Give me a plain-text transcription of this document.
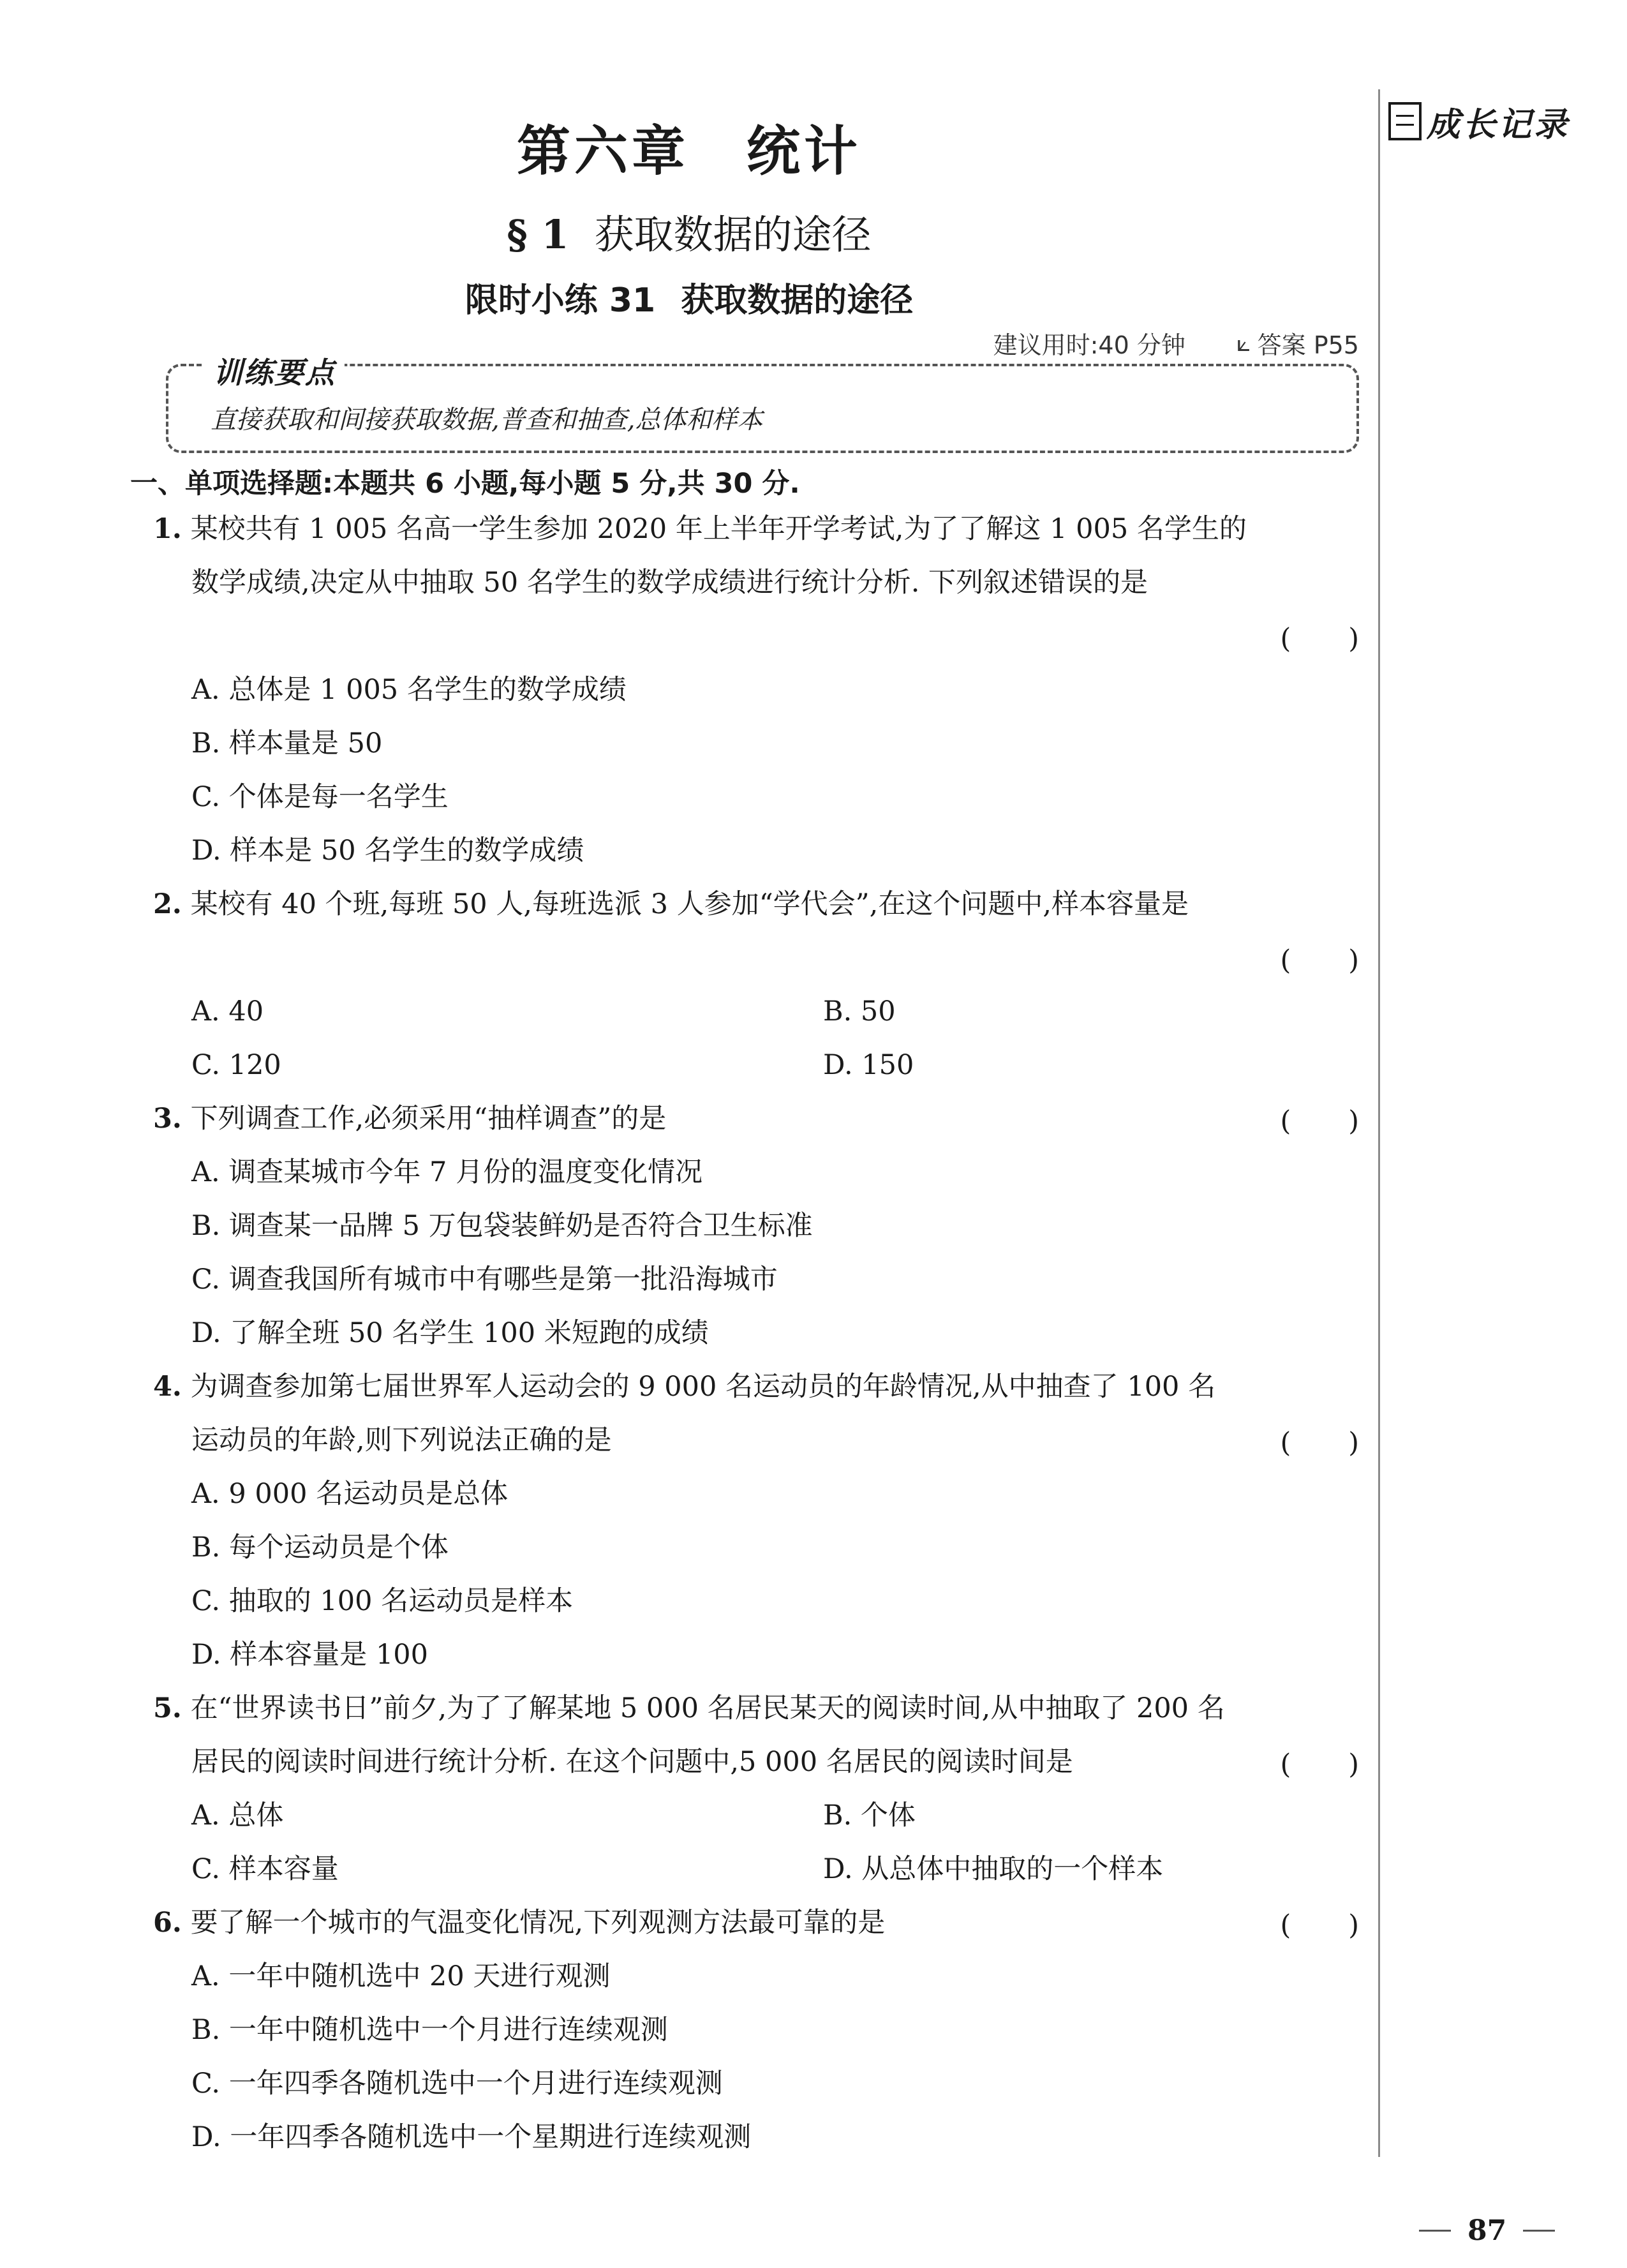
成长记录
第六章 统计
§ 1 获取数据的途径
限时小练 31 获取数据的途径
建议用时:40 分钟 ⟀ 答案 P55
训练要点
直接获取和间接获取数据,普查和抽查,总体和样本
一、单项选择题:本题共 6 小题,每小题 5 分,共 30 分.
1. 某校共有 1 005 名高一学生参加 2020 年上半年开学考试,为了了解这 1 005 名学生的
数学成绩,决定从中抽取 50 名学生的数学成绩进行统计分析. 下列叙述错误的是
( )
A. 总体是 1 005 名学生的数学成绩
B. 样本量是 50
C. 个体是每一名学生
D. 样本是 50 名学生的数学成绩
2. 某校有 40 个班,每班 50 人,每班选派 3 人参加“学代会”,在这个问题中,样本容量是
( )
A. 40	B. 50
C. 120	D. 150
3. 下列调查工作,必须采用“抽样调查”的是	( )
A. 调查某城市今年 7 月份的温度变化情况
B. 调查某一品牌 5 万包袋装鲜奶是否符合卫生标准
C. 调查我国所有城市中有哪些是第一批沿海城市
D. 了解全班 50 名学生 100 米短跑的成绩
4. 为调查参加第七届世界军人运动会的 9 000 名运动员的年龄情况,从中抽查了 100 名
运动员的年龄,则下列说法正确的是	( )
A. 9 000 名运动员是总体
B. 每个运动员是个体
C. 抽取的 100 名运动员是样本
D. 样本容量是 100
5. 在“世界读书日”前夕,为了了解某地 5 000 名居民某天的阅读时间,从中抽取了 200 名
居民的阅读时间进行统计分析. 在这个问题中,5 000 名居民的阅读时间是	( )
A. 总体	B. 个体
C. 样本容量	D. 从总体中抽取的一个样本
6. 要了解一个城市的气温变化情况,下列观测方法最可靠的是	( )
A. 一年中随机选中 20 天进行观测
B. 一年中随机选中一个月进行连续观测
C. 一年四季各随机选中一个月进行连续观测
D. 一年四季各随机选中一个星期进行连续观测
87
